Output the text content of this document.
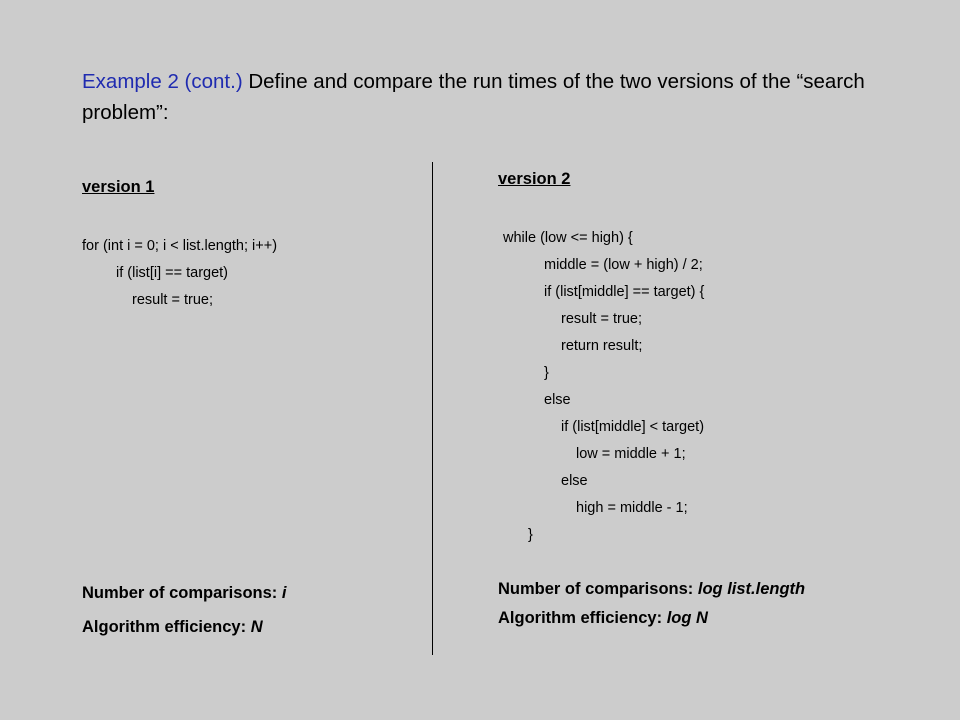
Example 2 (cont.) Define and compare the run times of the two versions of the “search problem”:
version 1
for (int i = 0; i < list.length; i++)
if (list[i] == target)
result = true;
Number of comparisons: i
Algorithm efficiency: N
version 2
while (low <= high) {
middle = (low + high) / 2;
if (list[middle] == target) {
result = true;
return result;
}
else
if (list[middle] < target)
low = middle + 1;
else
high = middle - 1;
}
Number of comparisons: log list.length
Algorithm efficiency: log N
